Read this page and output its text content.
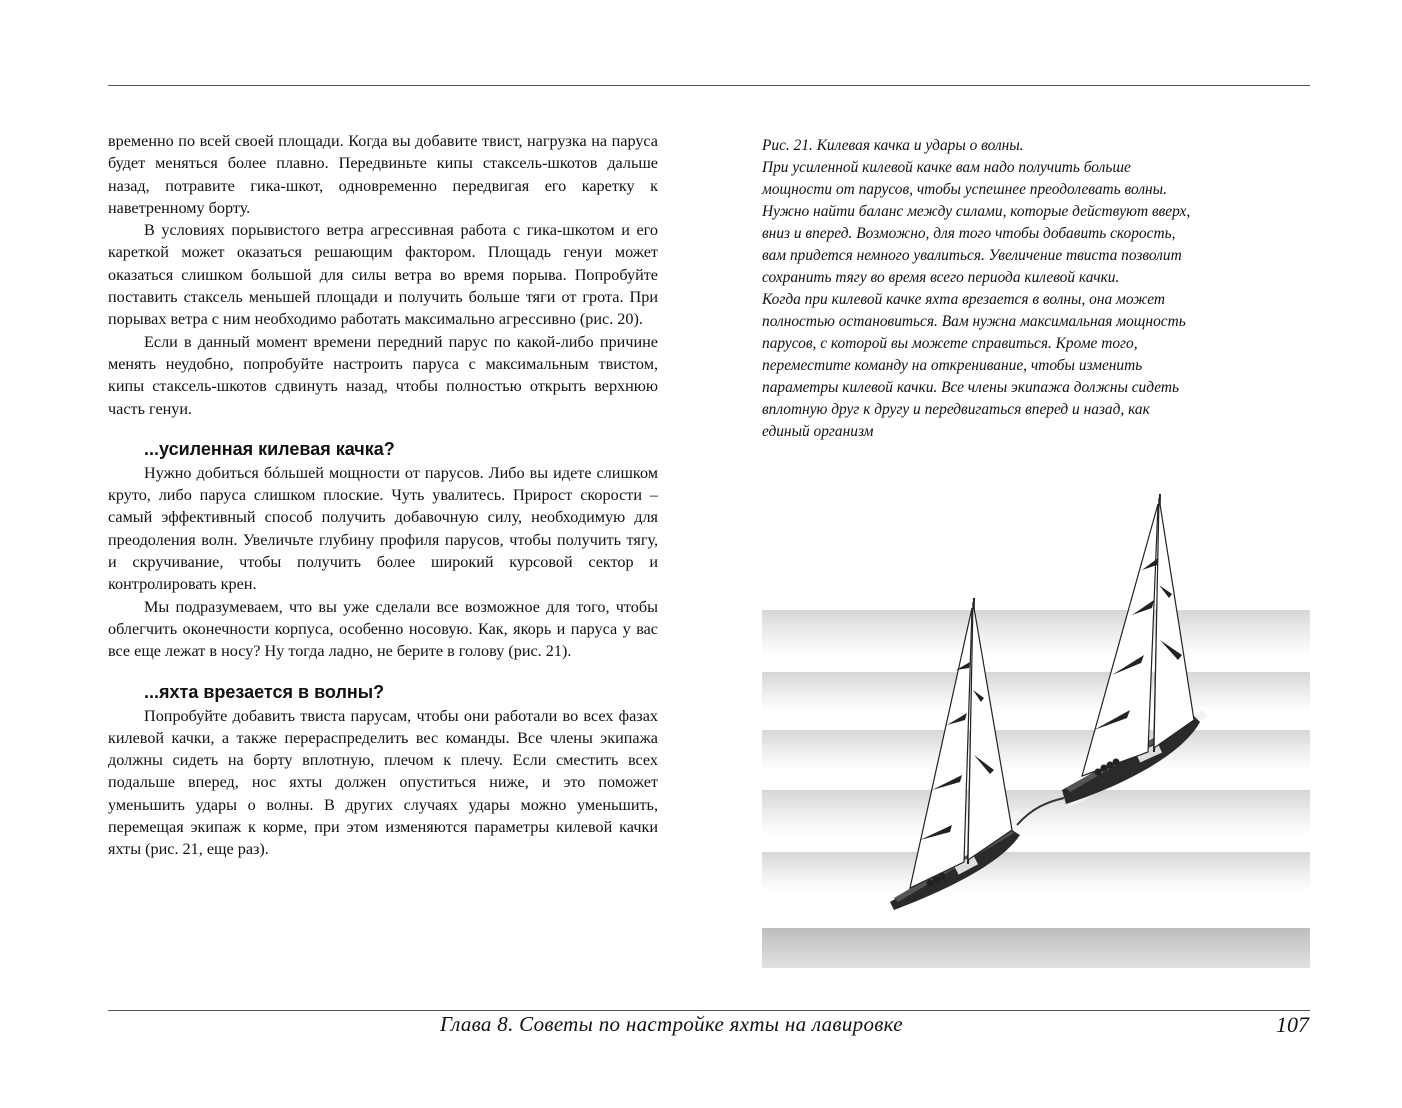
временно по всей своей площади. Когда вы добавите твист, нагрузка на паруса будет меняться более плавно. Передвиньте кипы стаксель-шкотов дальше назад, потравите гика-шкот, одновременно передвигая его каретку к наветренному борту.

В условиях порывистого ветра агрессивная работа с гика-шкотом и его кареткой может оказаться решающим фактором. Площадь генуи может оказаться слишком большой для силы ветра во время порыва. Попробуйте поставить стаксель меньшей площади и получить больше тяги от грота. При порывах ветра с ним необходимо работать максимально агрессивно (рис. 20).

Если в данный момент времени передний парус по какой-либо причине менять неудобно, попробуйте настроить паруса с максимальным твистом, кипы стаксель-шкотов сдвинуть назад, чтобы полностью открыть верхнюю часть генуи.

...усиленная килевая качка?

Нужно добиться бóльшей мощности от парусов. Либо вы идете слишком круто, либо паруса слишком плоские. Чуть увалитесь. Прирост скорости – самый эффективный способ получить добавочную силу, необходимую для преодоления волн. Увеличьте глубину профиля парусов, чтобы получить тягу, и скручивание, чтобы получить более широкий курсовой сектор и контролировать крен.

Мы подразумеваем, что вы уже сделали все возможное для того, чтобы облегчить оконечности корпуса, особенно носовую. Как, якорь и паруса у вас все еще лежат в носу? Ну тогда ладно, не берите в голову (рис. 21).

...яхта врезается в волны?

Попробуйте добавить твиста парусам, чтобы они работали во всех фазах килевой качки, а также перераспределить вес команды. Все члены экипажа должны сидеть на борту вплотную, плечом к плечу. Если сместить всех подальше вперед, нос яхты должен опуститься ниже, и это поможет уменьшить удары о волны. В других случаях удары можно уменьшить, перемещая экипаж к корме, при этом изменяются параметры килевой качки яхты (рис. 21, еще раз).

Рис. 21. Килевая качка и удары о волны.
При усиленной килевой качке вам надо получить больше
мощности от парусов, чтобы успешнее преодолевать волны.
Нужно найти баланс между силами, которые действуют вверх,
вниз и вперед. Возможно, для того чтобы добавить скорость,
вам придется немного увалиться. Увеличение твиста позволит
сохранить тягу во время всего периода килевой качки.
Когда при килевой качке яхта врезается в волны, она может
полностью остановиться. Вам нужна максимальная мощность
парусов, с которой вы можете справиться. Кроме того,
переместите команду на откренивание, чтобы изменить
параметры килевой качки. Все члены экипажа должны сидеть
вплотную друг к другу и передвигаться вперед и назад, как
единый организм
Глава 8. Советы по настройке яхты на лавировке	107
